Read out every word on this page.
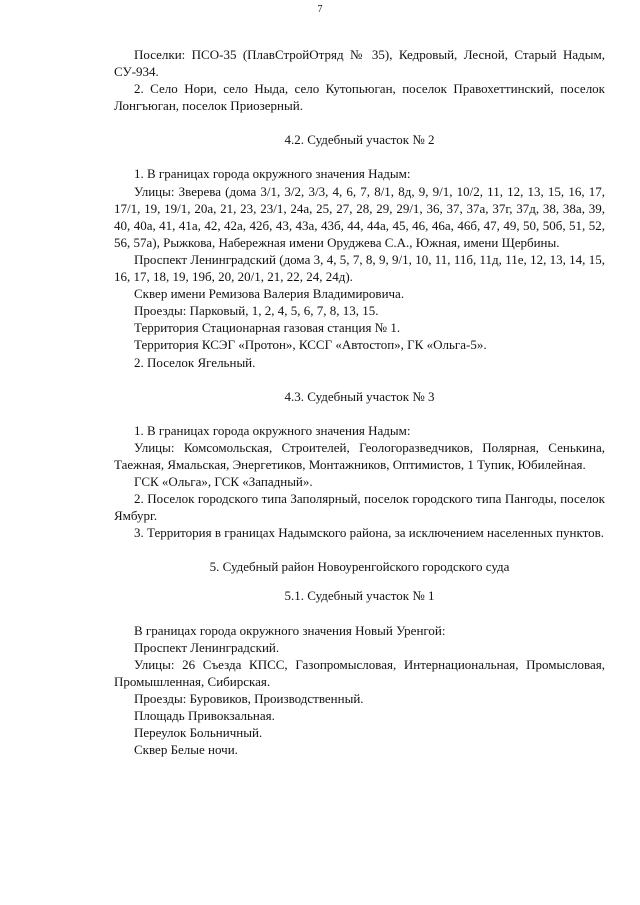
7

Поселки: ПСО-35 (ПлавСтройОтряд № 35), Кедровый, Лесной, Старый Надым, СУ-934.

2. Село Нори, село Ныда, село Кутопьюган, поселок Правохеттинский, поселок Лонгъюган, поселок Приозерный.

4.2. Судебный участок № 2

1. В границах города окружного значения Надым:

Улицы: Зверева (дома 3/1, 3/2, 3/3, 4, 6, 7, 8/1, 8д, 9, 9/1, 10/2, 11, 12, 13, 15, 16, 17, 17/1, 19, 19/1, 20а, 21, 23, 23/1, 24а, 25, 27, 28, 29, 29/1, 36, 37, 37а, 37г, 37д, 38, 38а, 39, 40, 40а, 41, 41а, 42, 42а, 42б, 43, 43а, 43б, 44, 44а, 45, 46, 46а, 46б, 47, 49, 50, 50б, 51, 52, 56, 57а), Рыжкова, Набережная имени Оруджева С.А., Южная, имени Щербины.

Проспект Ленинградский (дома 3, 4, 5, 7, 8, 9, 9/1, 10, 11, 11б, 11д, 11е, 12, 13, 14, 15, 16, 17, 18, 19, 19б, 20, 20/1, 21, 22, 24, 24д).

Сквер имени Ремизова Валерия Владимировича.

Проезды: Парковый, 1, 2, 4, 5, 6, 7, 8, 13, 15.

Территория Стационарная газовая станция № 1.

Территория КСЭГ «Протон», КССГ «Автостоп», ГК «Ольга-5».

2. Поселок Ягельный.

4.3. Судебный участок № 3

1. В границах города окружного значения Надым:

Улицы: Комсомольская, Строителей, Геологоразведчиков, Полярная, Сенькина, Таежная, Ямальская, Энергетиков, Монтажников, Оптимистов, 1 Тупик, Юбилейная.

ГСК «Ольга», ГСК «Западный».

2. Поселок городского типа Заполярный, поселок городского типа Пангоды, поселок Ямбург.

3. Территория в границах Надымского района, за исключением населенных пунктов.

5. Судебный район Новоуренгойского городского суда
5.1. Судебный участок № 1

В границах города окружного значения Новый Уренгой:

Проспект Ленинградский.

Улицы: 26 Съезда КПСС, Газопромысловая, Интернациональная, Промысловая, Промышленная, Сибирская.

Проезды: Буровиков, Производственный.

Площадь Привокзальная.

Переулок Больничный.

Сквер Белые ночи.
